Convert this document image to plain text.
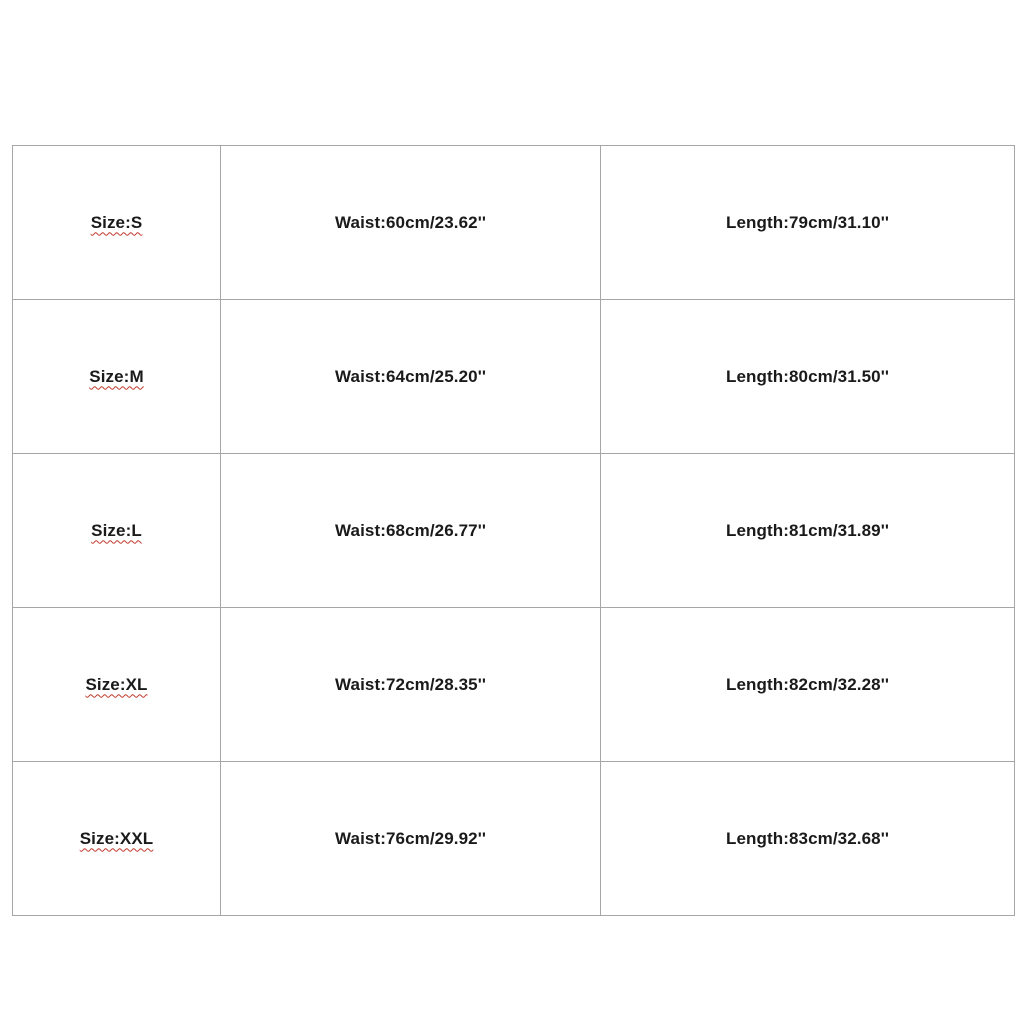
Size:S	Waist:60cm/23.62''	Length:79cm/31.10''
Size:M	Waist:64cm/25.20''	Length:80cm/31.50''
Size:L	Waist:68cm/26.77''	Length:81cm/31.89''
Size:XL	Waist:72cm/28.35''	Length:82cm/32.28''
Size:XXL	Waist:76cm/29.92''	Length:83cm/32.68''
